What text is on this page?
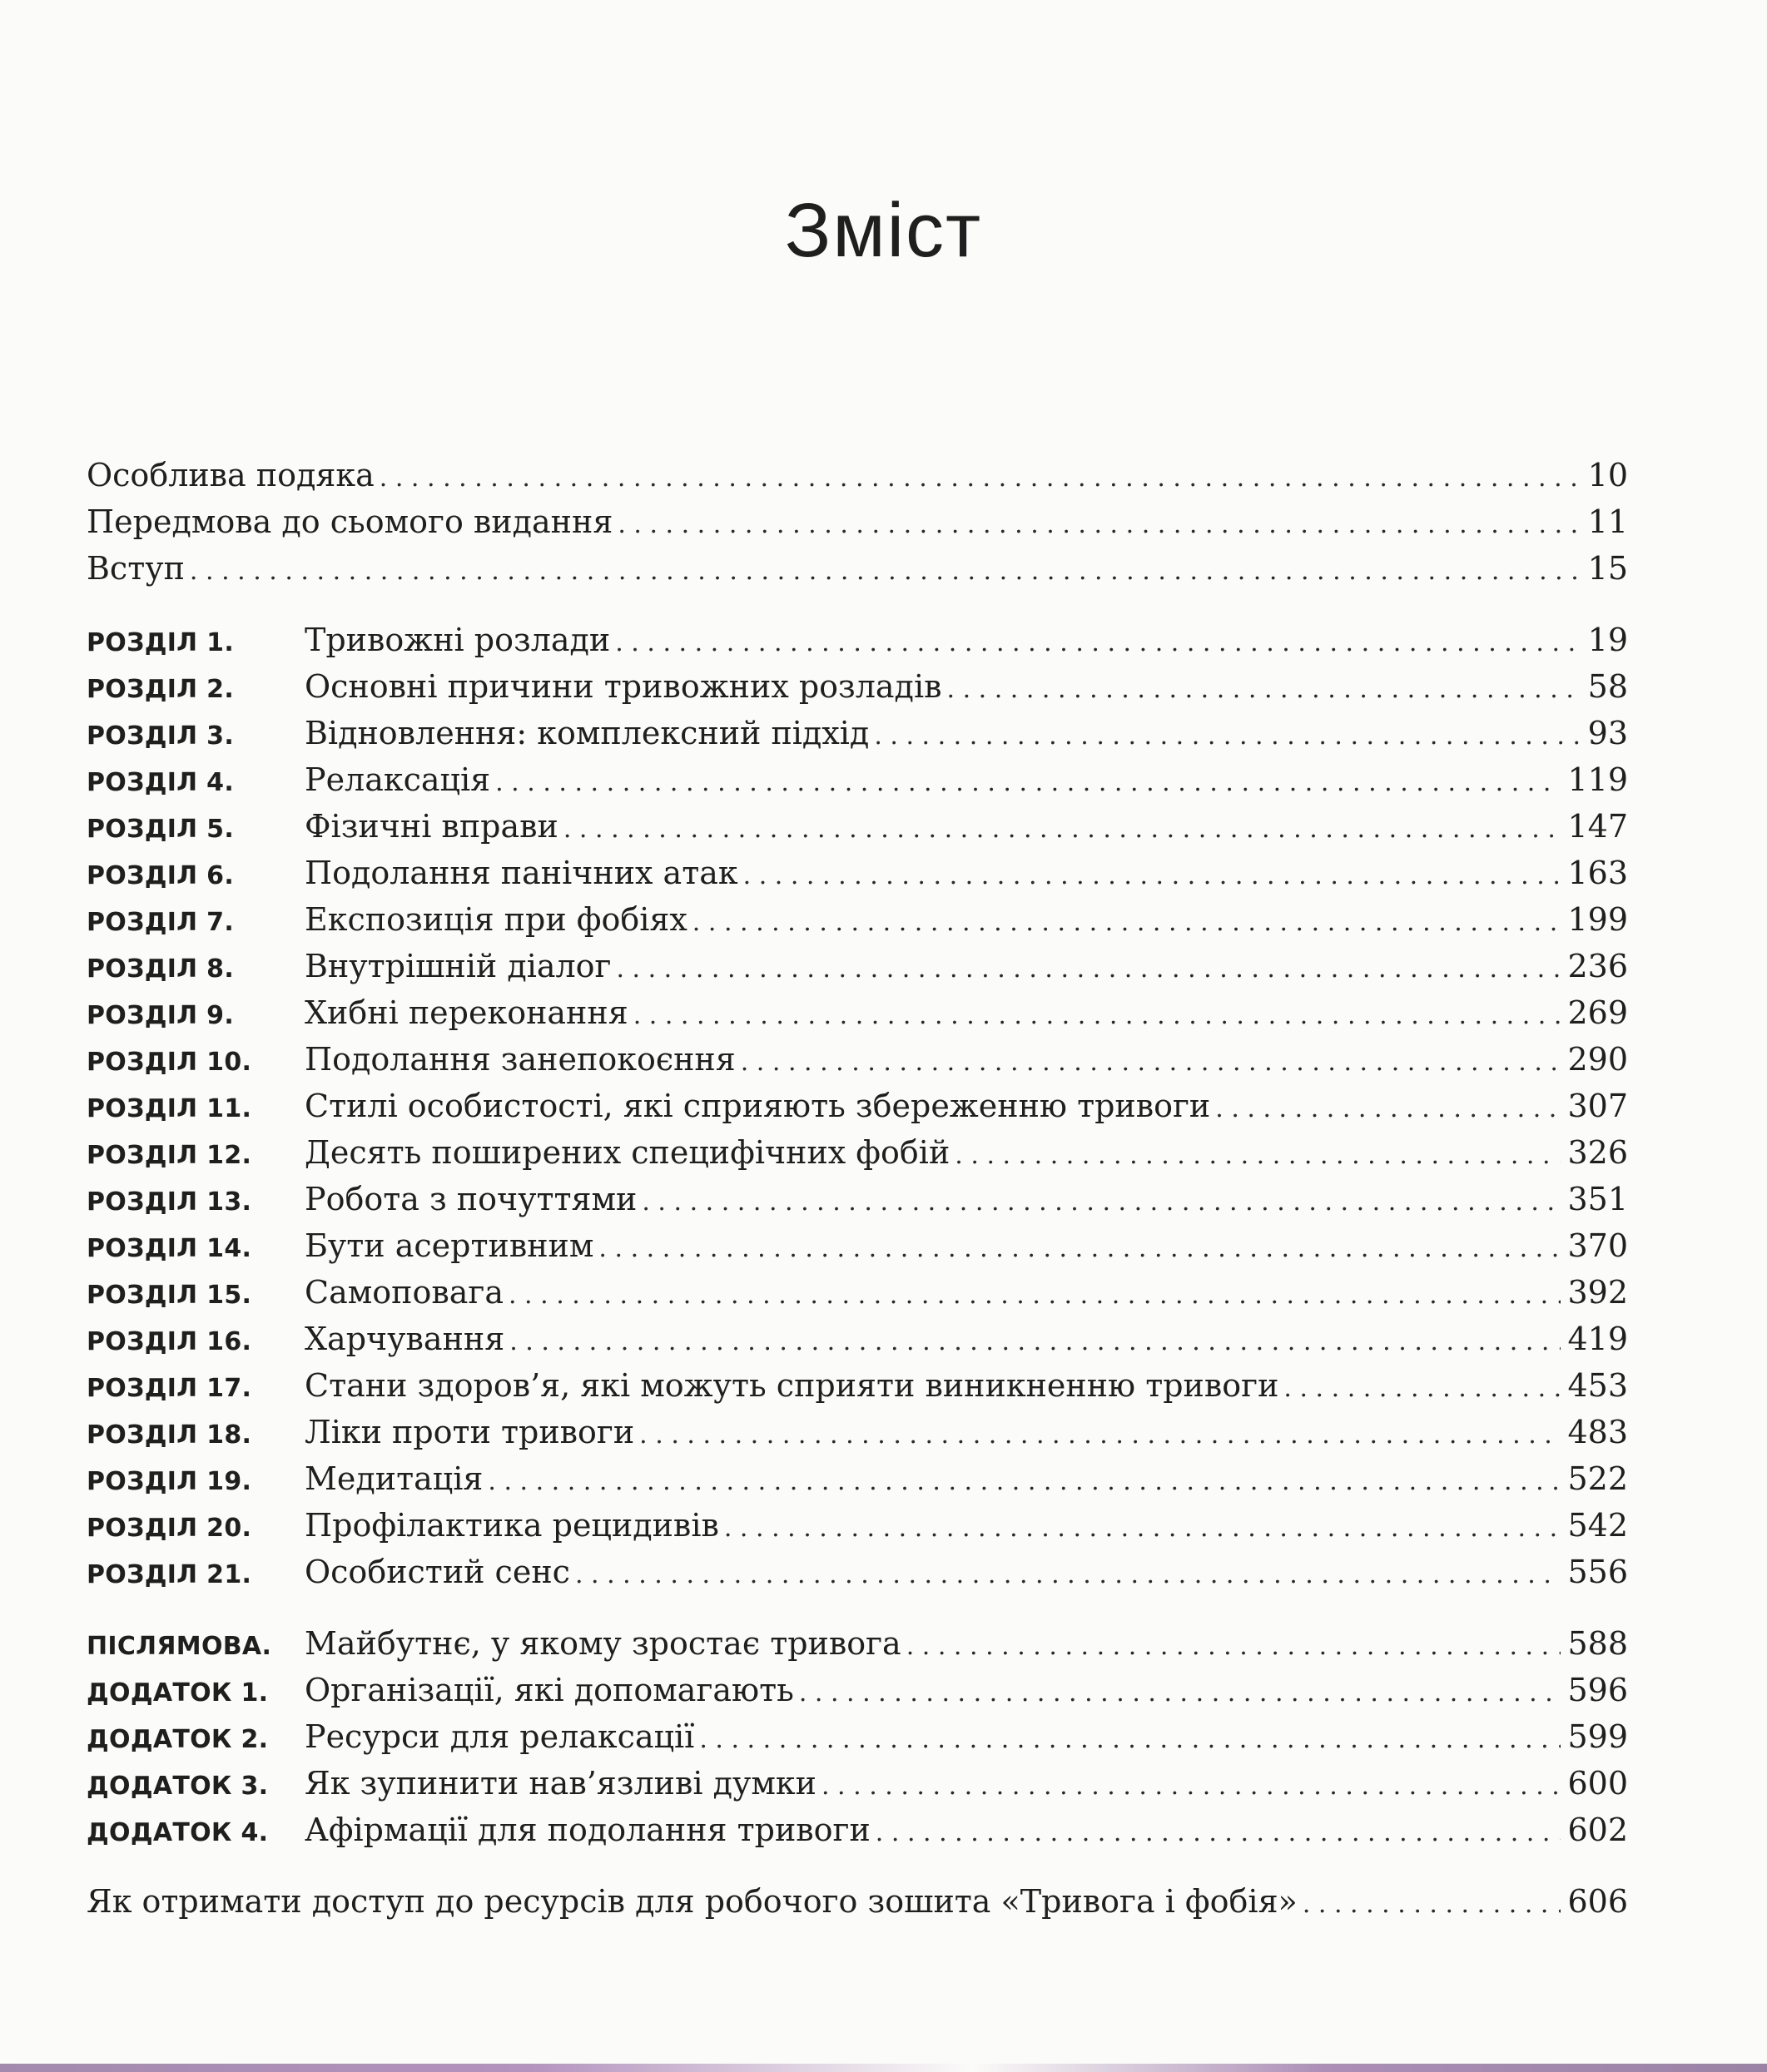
Зміст
Особлива подяка . . .	10
Передмова до сьомого видання . . .	11
Вступ . . .	15
РОЗДІЛ 1.	Тривожні розлади . . .	19
РОЗДІЛ 2.	Основні причини тривожних розладів . . .	58
РОЗДІЛ 3.	Відновлення: комплексний підхід . . .	93
РОЗДІЛ 4.	Релаксація . . .	119
РОЗДІЛ 5.	Фізичні вправи . . .	147
РОЗДІЛ 6.	Подолання панічних атак . . .	163
РОЗДІЛ 7.	Експозиція при фобіях . . .	199
РОЗДІЛ 8.	Внутрішній діалог . . .	236
РОЗДІЛ 9.	Хибні переконання . . .	269
РОЗДІЛ 10.	Подолання занепокоєння . . .	290
РОЗДІЛ 11.	Стилі особистості, які сприяють збереженню тривоги . . .	307
РОЗДІЛ 12.	Десять поширених специфічних фобій . . .	326
РОЗДІЛ 13.	Робота з почуттями . . .	351
РОЗДІЛ 14.	Бути асертивним . . .	370
РОЗДІЛ 15.	Самоповага . . .	392
РОЗДІЛ 16.	Харчування . . .	419
РОЗДІЛ 17.	Стани здоров’я, які можуть сприяти виникненню тривоги . . .	453
РОЗДІЛ 18.	Ліки проти тривоги . . .	483
РОЗДІЛ 19.	Медитація . . .	522
РОЗДІЛ 20.	Профілактика рецидивів . . .	542
РОЗДІЛ 21.	Особистий сенс . . .	556
ПІСЛЯМОВА.	Майбутнє, у якому зростає тривога . . .	588
ДОДАТОК 1.	Організації, які допомагають . . .	596
ДОДАТОК 2.	Ресурси для релаксації . . .	599
ДОДАТОК 3.	Як зупинити нав’язливі думки . . .	600
ДОДАТОК 4.	Афірмації для подолання тривоги . . .	602
Як отримати доступ до ресурсів для робочого зошита «Тривога і фобія» . . .	606
